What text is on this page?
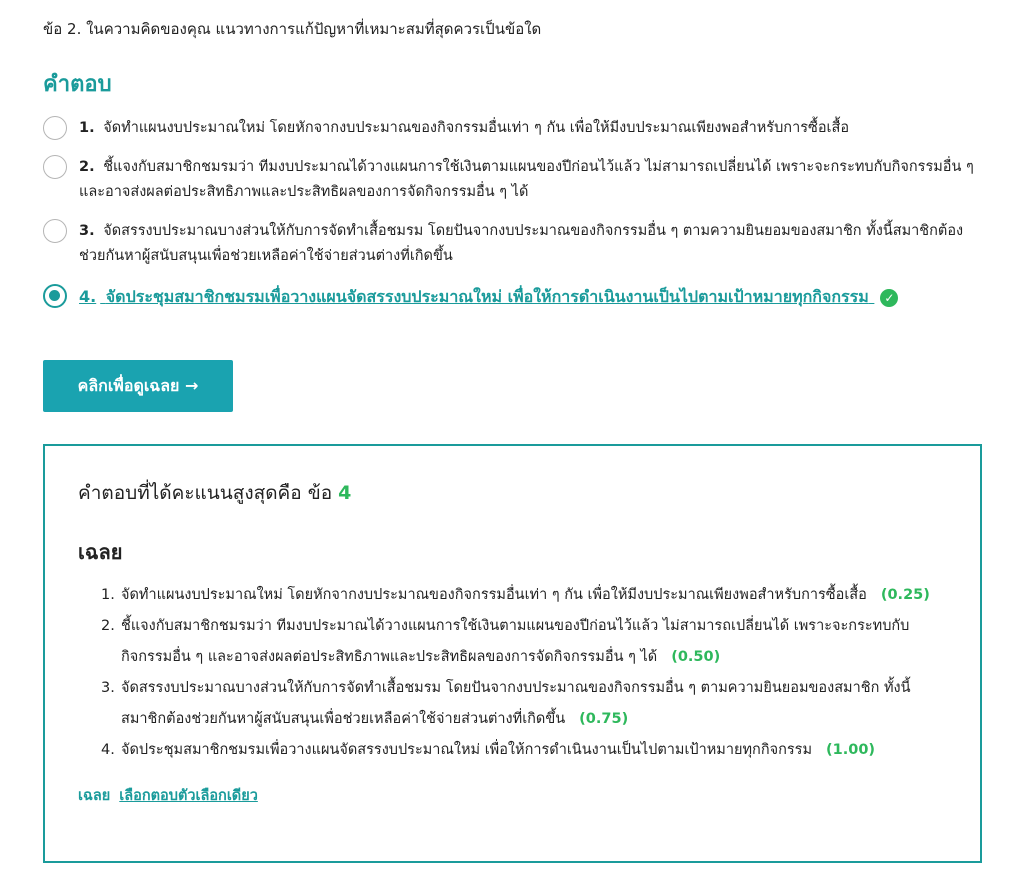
ข้อ 2. ในความคิดของคุณ แนวทางการแก้ปัญหาที่เหมาะสมที่สุดควรเป็นข้อใด
คำตอบ
1. จัดทำแผนงบประมาณใหม่ โดยหักจากงบประมาณของกิจกรรมอื่นเท่า ๆ กัน เพื่อให้มีงบประมาณเพียงพอสำหรับการซื้อเสื้อ
2. ชี้แจงกับสมาชิกชมรมว่า ทีมงบประมาณได้วางแผนการใช้เงินตามแผนของปีก่อนไว้แล้ว ไม่สามารถเปลี่ยนได้ เพราะจะกระทบกับกิจกรรมอื่น ๆ และอาจส่งผลต่อประสิทธิภาพและประสิทธิผลของการจัดกิจกรรมอื่น ๆ ได้
3. จัดสรรงบประมาณบางส่วนให้กับการจัดทำเสื้อชมรม โดยปันจากงบประมาณของกิจกรรมอื่น ๆ ตามความยินยอมของสมาชิก ทั้งนี้สมาชิกต้องช่วยกันหาผู้สนับสนุนเพื่อช่วยเหลือค่าใช้จ่ายส่วนต่างที่เกิดขึ้น
4. จัดประชุมสมาชิกชมรมเพื่อวางแผนจัดสรรงบประมาณใหม่ เพื่อให้การดำเนินงานเป็นไปตามเป้าหมายทุกกิจกรรม ✓
คลิกเพื่อดูเฉลย →
คำตอบที่ได้คะแนนสูงสุดคือ ข้อ 4
เฉลย
1. จัดทำแผนงบประมาณใหม่ โดยหักจากงบประมาณของกิจกรรมอื่นเท่า ๆ กัน เพื่อให้มีงบประมาณเพียงพอสำหรับการซื้อเสื้อ (0.25)
2. ชี้แจงกับสมาชิกชมรมว่า ทีมงบประมาณได้วางแผนการใช้เงินตามแผนของปีก่อนไว้แล้ว ไม่สามารถเปลี่ยนได้ เพราะจะกระทบกับกิจกรรมอื่น ๆ และอาจส่งผลต่อประสิทธิภาพและประสิทธิผลของการจัดกิจกรรมอื่น ๆ ได้ (0.50)
3. จัดสรรงบประมาณบางส่วนให้กับการจัดทำเสื้อชมรม โดยปันจากงบประมาณของกิจกรรมอื่น ๆ ตามความยินยอมของสมาชิก ทั้งนี้สมาชิกต้องช่วยกันหาผู้สนับสนุนเพื่อช่วยเหลือค่าใช้จ่ายส่วนต่างที่เกิดขึ้น (0.75)
4. จัดประชุมสมาชิกชมรมเพื่อวางแผนจัดสรรงบประมาณใหม่ เพื่อให้การดำเนินงานเป็นไปตามเป้าหมายทุกกิจกรรม (1.00)
เฉลย เลือกตอบตัวเลือกเดียว
